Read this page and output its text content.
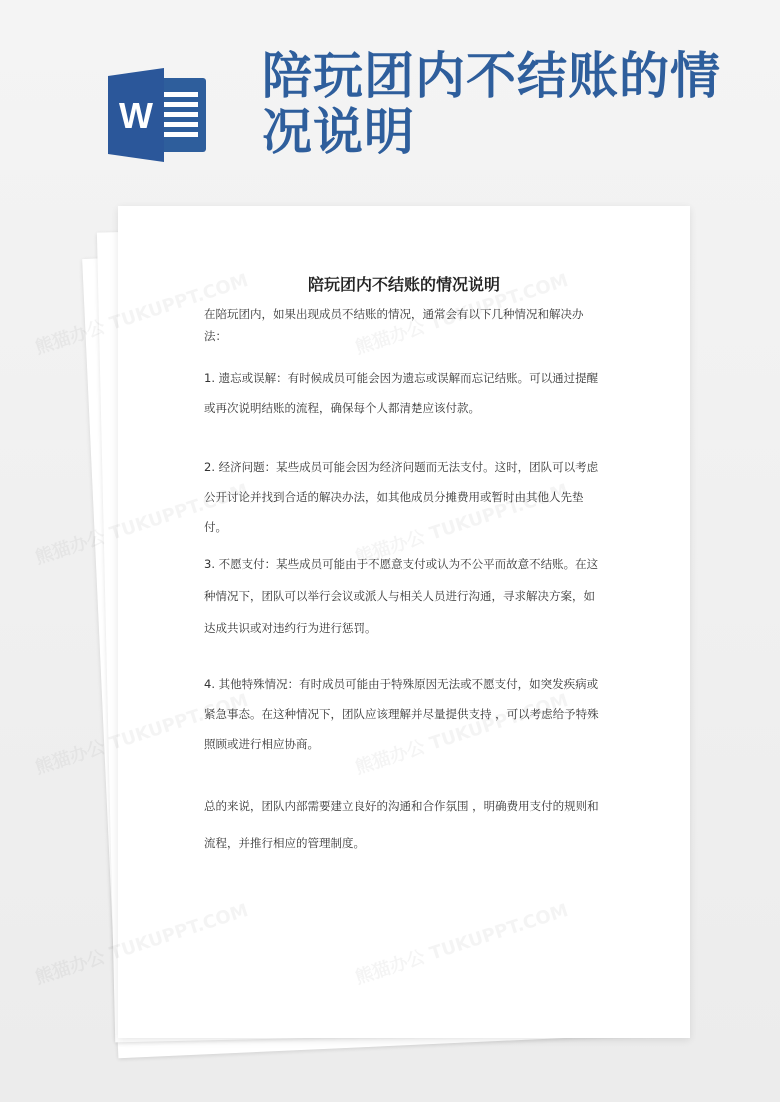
W
陪玩团内不结账的情况说明
陪玩团内不结账的情况说明
在陪玩团内，如果出现成员不结账的情况，通常会有以下几种情况和解决办法：
1. 遗忘或误解：有时候成员可能会因为遗忘或误解而忘记结账。可以通过提醒或再次说明结账的流程，确保每个人都清楚应该付款。
2. 经济问题：某些成员可能会因为经济问题而无法支付。这时，团队可以考虑公开讨论并找到合适的解决办法，如其他成员分摊费用或暂时由其他人先垫付。
3. 不愿支付：某些成员可能由于不愿意支付或认为不公平而故意不结账。在这种情况下，团队可以举行会议或派人与相关人员进行沟通，寻求解决方案，如达成共识或对违约行为进行惩罚。
4. 其他特殊情况：有时成员可能由于特殊原因无法或不愿支付，如突发疾病或紧急事态。在这种情况下，团队应该理解并尽量提供支持 ，可以考虑给予特殊照顾或进行相应协商。
总的来说，团队内部需要建立良好的沟通和合作氛围 ，明确费用支付的规则和流程，并推行相应的管理制度。
